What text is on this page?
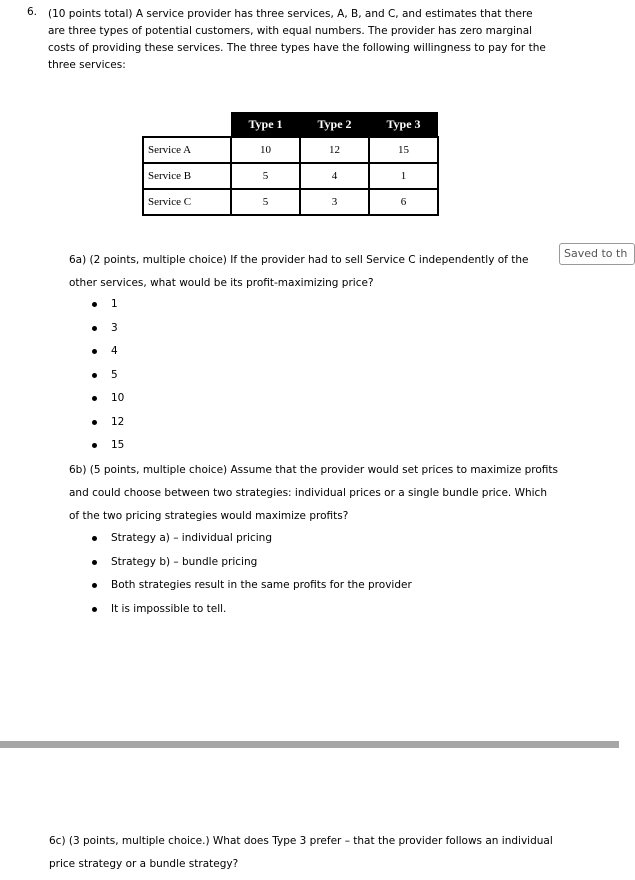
6. (10 points total) A service provider has three services, A, B, and C, and estimates that there are three types of potential customers, with equal numbers. The provider has zero marginal costs of providing these services. The three types have the following willingness to pay for the three services:
	Type 1	Type 2	Type 3
Service A	10	12	15
Service B	5	4	1
Service C	5	3	6
6a) (2 points, multiple choice) If the provider had to sell Service C independently of the other services, what would be its profit-maximizing price?
1
3
4
5
10
12
15
Saved to th
6b) (5 points, multiple choice) Assume that the provider would set prices to maximize profits and could choose between two strategies: individual prices or a single bundle price. Which of the two pricing strategies would maximize profits?
Strategy a) – individual pricing
Strategy b) – bundle pricing
Both strategies result in the same profits for the provider
It is impossible to tell.
6c) (3 points, multiple choice.) What does Type 3 prefer – that the provider follows an individual price strategy or a bundle strategy?
